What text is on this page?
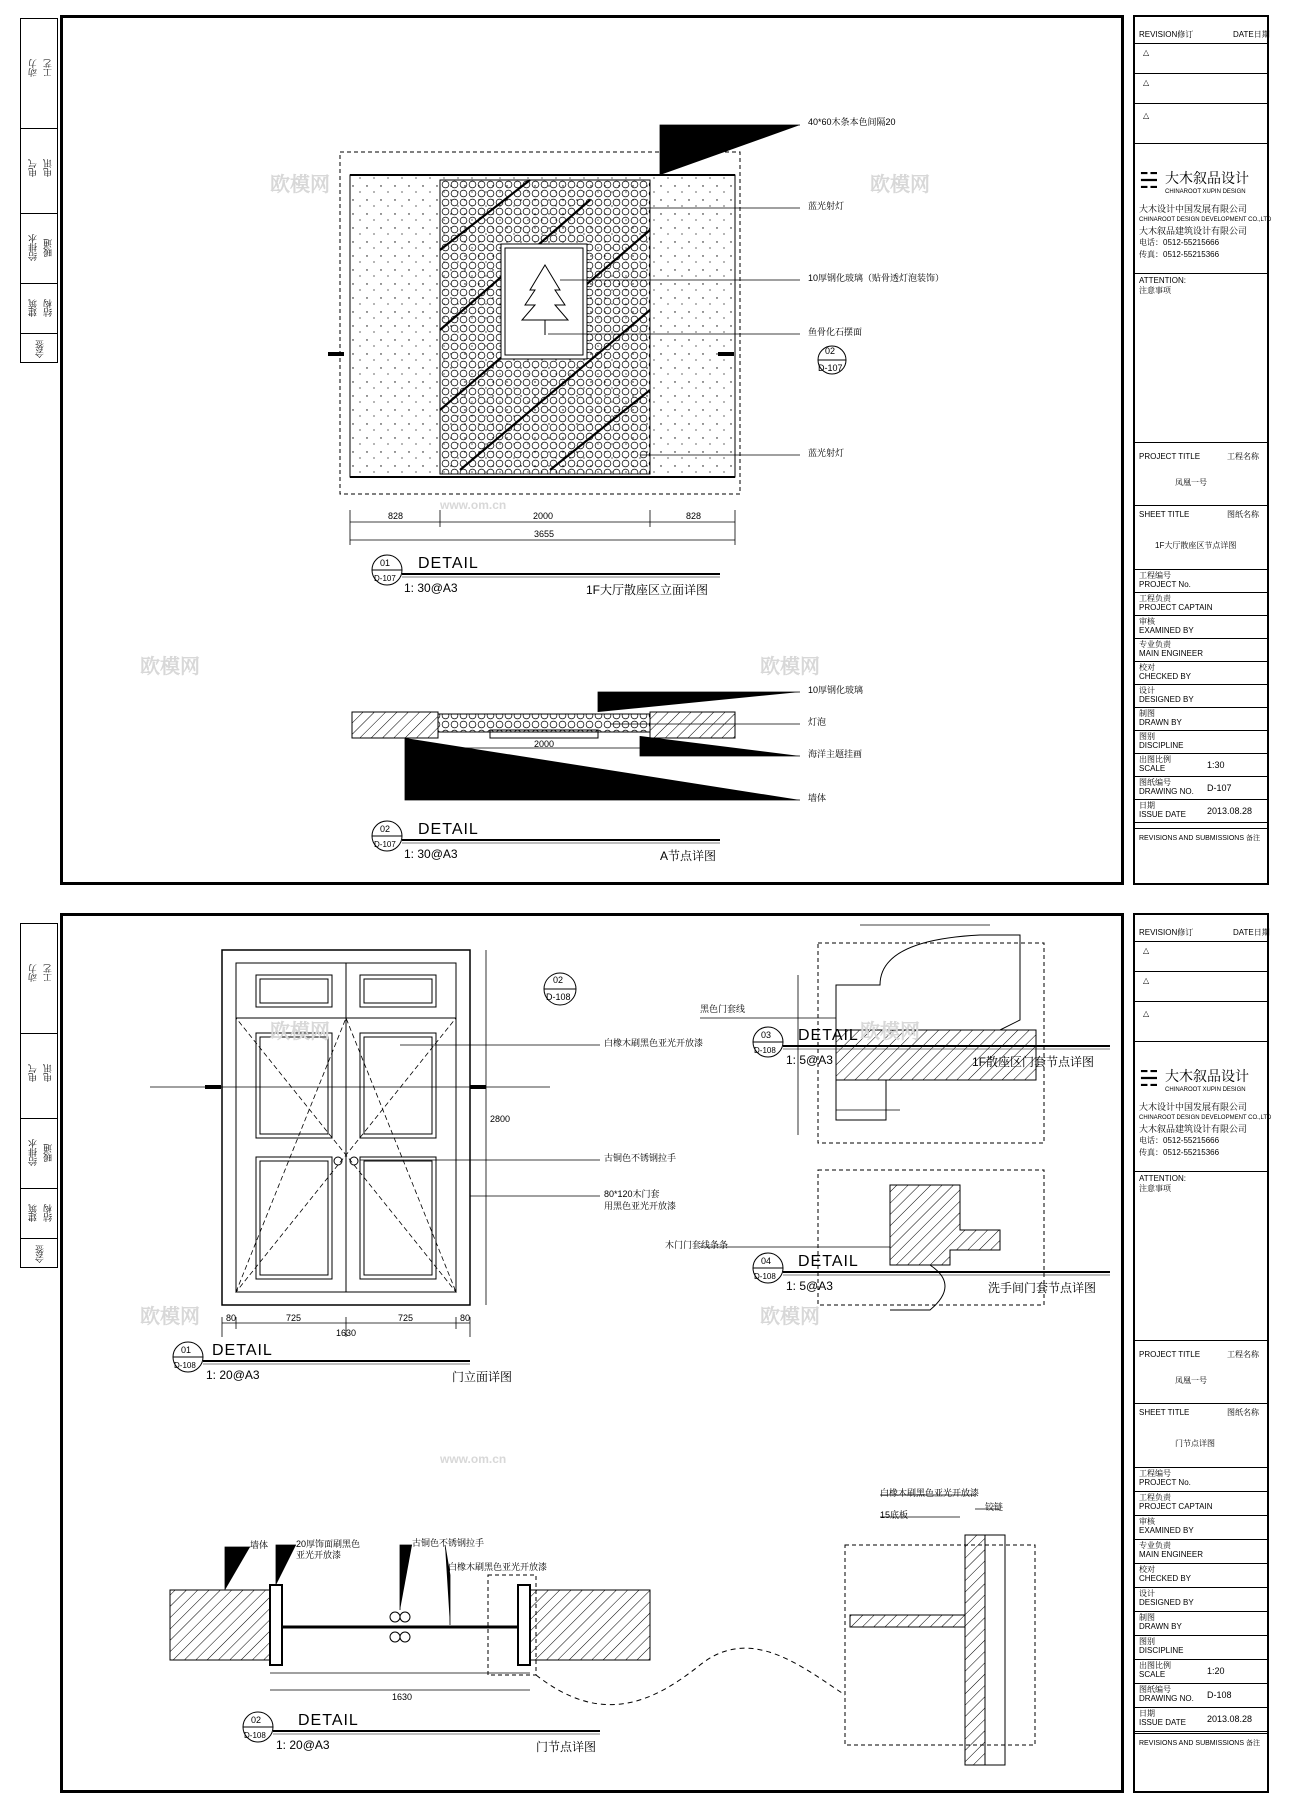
动力 工艺
电气 电讯
给排水 暖通
建筑 结构
会签
40*60木条本色间隔20
蓝光射灯
10厚钢化玻璃（贴骨透灯泡装饰）
鱼骨化石摆面
蓝光射灯
02
D-107
828	2000	828
3655
01
D-107
DETAIL
1: 30@A3	1F大厅散座区立面详图
10厚钢化玻璃
灯泡
海洋主题挂画
墙体
2000
02
D-107
DETAIL
1: 30@A3	A节点详图
REVISION修订	DATE日期
△
△
△
☵ 大木叙品设计
CHINAROOT XUPIN DESIGN
大木设计中国发展有限公司
CHINAROOT DESIGN DEVELOPMENT CO.,LTD
大木叙品建筑设计有限公司
电话：0512-55215666
传真：0512-55215366
ATTENTION:
注意事项
PROJECT TITLE	工程名称
凤凰一号
SHEET TITLE	图纸名称
1F大厅散座区节点详图
工程编号
PROJECT No.
工程负责
PROJECT CAPTAIN
审核
EXAMINED BY
专业负责
MAIN ENGINEER
校对
CHECKED BY
设计
DESIGNED BY
制图
DRAWN BY
图别
DISCIPLINE
出图比例
SCALE	1:30
图纸编号
DRAWING NO. D-107
日期
ISSUE DATE 2013.08.28
REVISIONS AND SUBMISSIONS 备注
动力 工艺
电气 电讯
给排水 暖通
建筑 结构
会签
80	725
1630
725	80
2800
02
D-108
白橡木刷黑色亚光开放漆
古铜色不锈钢拉手
80*120木门套
用黑色亚光开放漆
01
D-108
DETAIL
1: 20@A3	门立面详图
黑色门套线
03
D-108
DETAIL
1: 5@A3	1F散座区门套节点详图
木门门套线条条
04
D-108
DETAIL
1: 5@A3	洗手间门套节点详图
墙体	20厚饰面刷黑色亚光开放漆
古铜色不锈钢拉手
白橡木刷黑色亚光开放漆
1630
02
D-108
DETAIL
1: 20@A3	门节点详图
白橡木刷黑色亚光开放漆
15底板
铰链
REVISION修订	DATE日期
△
△
△
☵ 大木叙品设计
CHINAROOT XUPIN DESIGN
大木设计中国发展有限公司
CHINAROOT DESIGN DEVELOPMENT CO.,LTD
大木叙品建筑设计有限公司
电话：0512-55215666
传真：0512-55215366
ATTENTION:
注意事项
PROJECT TITLE	工程名称
凤凰一号
SHEET TITLE	图纸名称
门节点详图
工程编号
PROJECT No.
工程负责
PROJECT CAPTAIN
审核
EXAMINED BY
专业负责
MAIN ENGINEER
校对
CHECKED BY
设计
DESIGNED BY
制图
DRAWN BY
图别
DISCIPLINE
出图比例
SCALE	1:20
图纸编号
DRAWING NO. D-108
日期
ISSUE DATE 2013.08.28
REVISIONS AND SUBMISSIONS 备注
欧模网	欧模网
欧模网	欧模网
欧模网	欧模网
欧模网	欧模网
www.om.cn
www.om.cn
